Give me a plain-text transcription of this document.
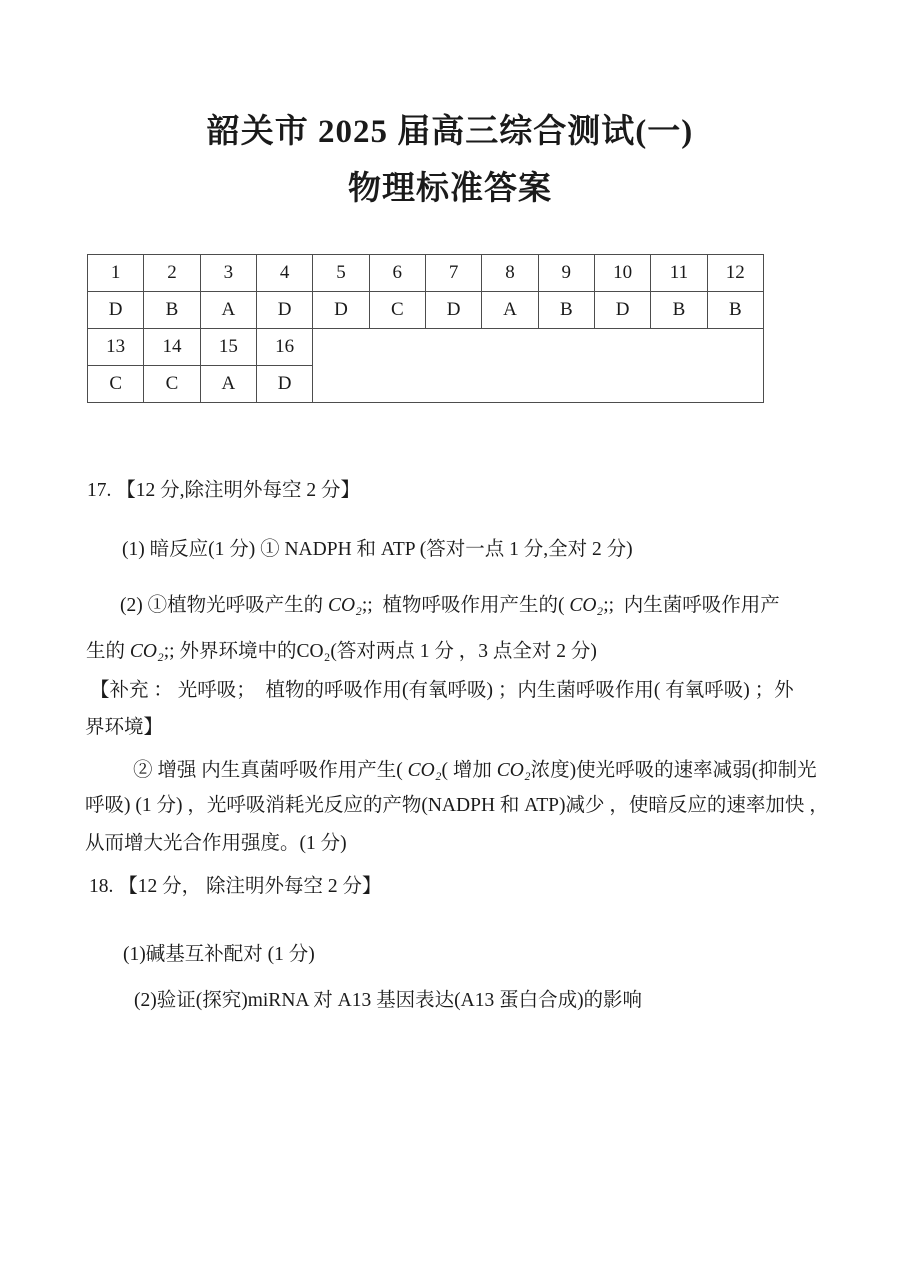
韶关市 2025 届高三综合测试(一)
物理标准答案
1	2	3	4	5	6	7	8	9	10	11	12
D	B	A	D	D	C	D	A	B	D	B	B
13	14	15	16								
C	C	A	D								
17. 【12 分,除注明外每空 2 分】
(1) 暗反应(1 分) ① NADPH 和 ATP (答对一点 1 分,全对 2 分)
(2) ①植物光呼吸产生的 CO₂;;  植物呼吸作用产生的( CO₂;;  内生菌呼吸作用产
生的 CO₂;; 外界环境中的CO₂(答对两点 1 分 ，3 点全对 2 分)
【补充 ： 光呼吸；  植物的呼吸作用(有氧呼吸) ；内生菌呼吸作用( 有氧呼吸) ；外
界环境】
② 增强 内生真菌呼吸作用产生( CO₂( 增加 CO₂浓度)使光呼吸的速率减弱(抑制光
呼吸) (1 分) ，光呼吸消耗光反应的产物(NADPH 和 ATP)减少 ，使暗反应的速率加快 ，
从而增大光合作用强度。(1 分)
18. 【12 分， 除注明外每空 2 分】
(1)碱基互补配对 (1 分)
(2)验证(探究)miRNA 对 A13 基因表达(A13 蛋白合成)的影响
